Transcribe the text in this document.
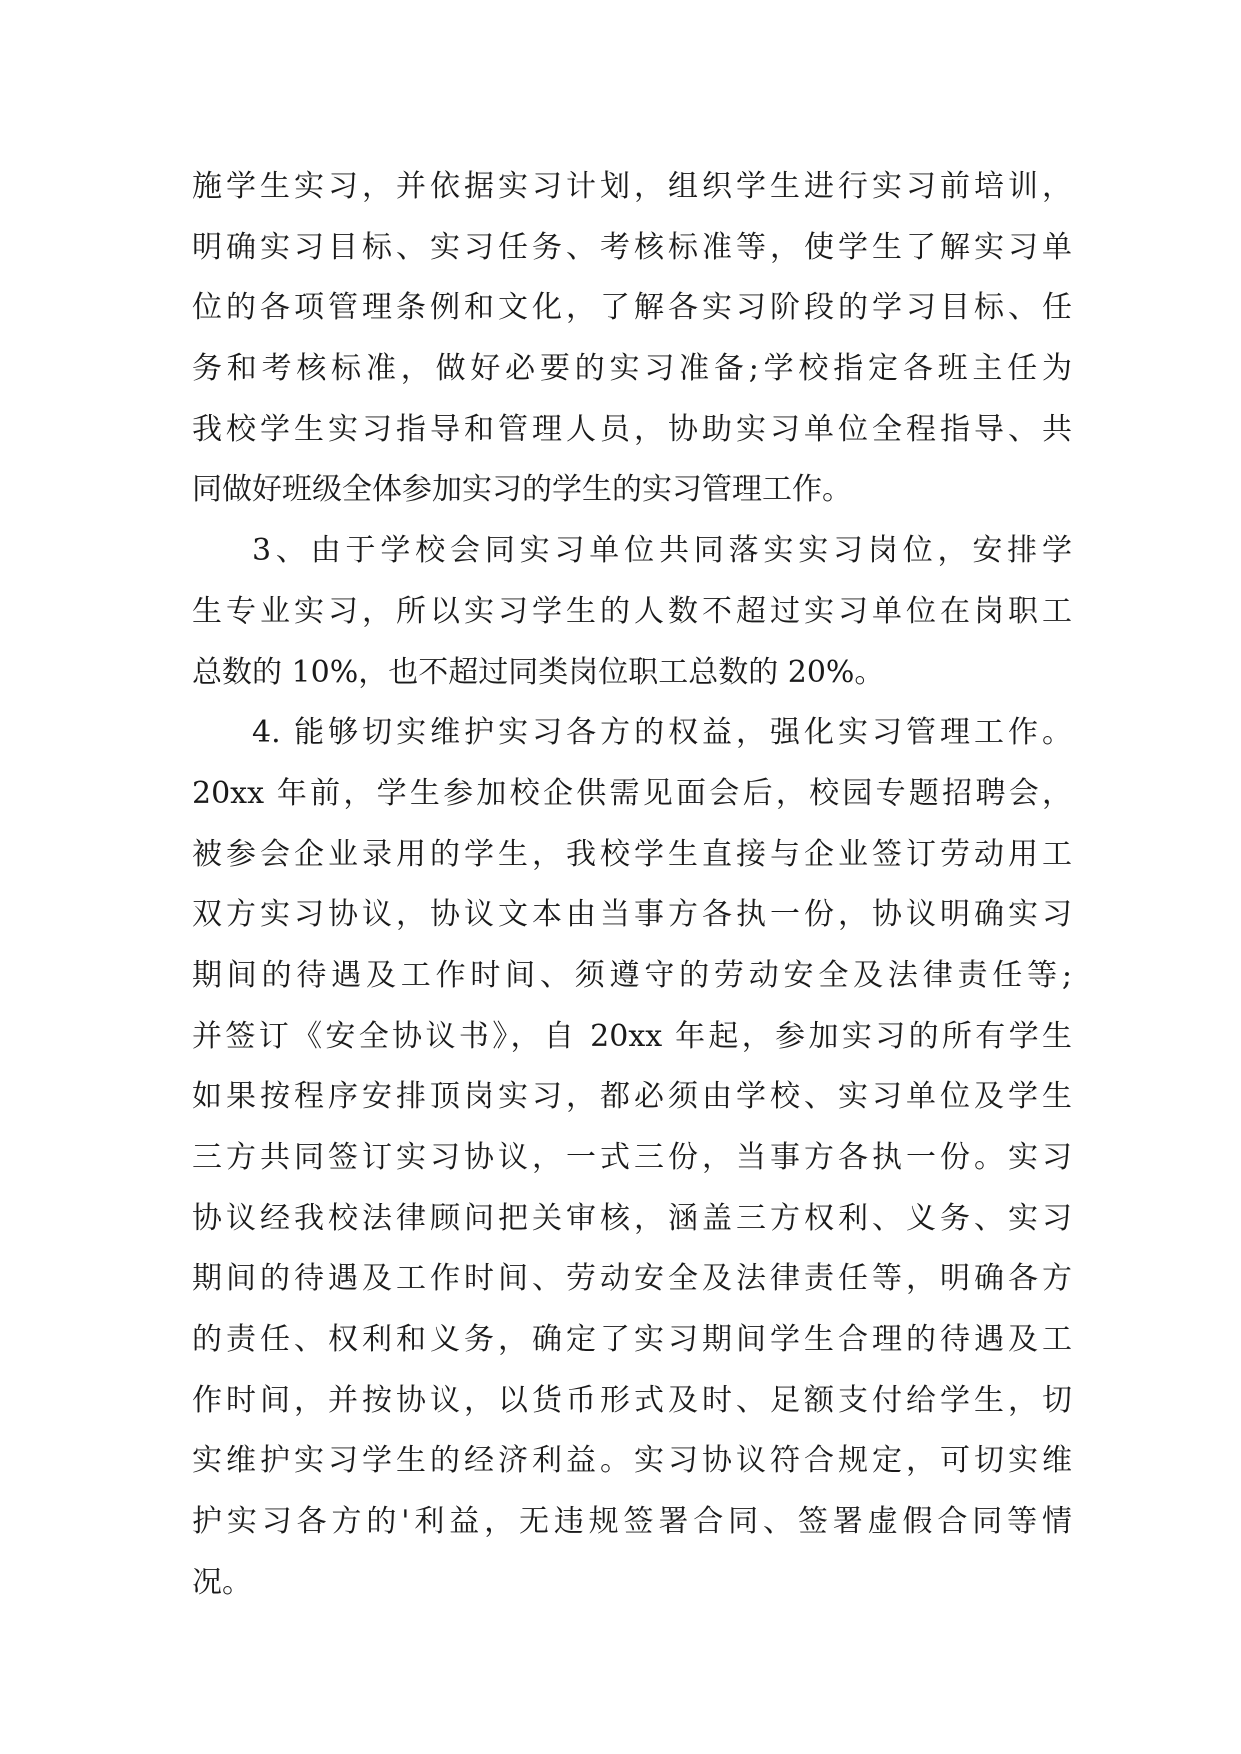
施学生实习，并依据实习计划，组织学生进行实习前培训，
明确实习目标、实习任务、考核标准等，使学生了解实习单
位的各项管理条例和文化，了解各实习阶段的学习目标、任
务和考核标准，做好必要的实习准备;学校指定各班主任为
我校学生实习指导和管理人员，协助实习单位全程指导、共
同做好班级全体参加实习的学生的实习管理工作。
3、由于学校会同实习单位共同落实实习岗位，安排学
生专业实习，所以实习学生的人数不超过实习单位在岗职工
总数的 10%，也不超过同类岗位职工总数的 20%。
4. 能够切实维护实习各方的权益，强化实习管理工作。
20xx 年前，学生参加校企供需见面会后，校园专题招聘会，
被参会企业录用的学生，我校学生直接与企业签订劳动用工
双方实习协议，协议文本由当事方各执一份，协议明确实习
期间的待遇及工作时间、须遵守的劳动安全及法律责任等;
并签订《安全协议书》，自 20xx 年起，参加实习的所有学生
如果按程序安排顶岗实习，都必须由学校、实习单位及学生
三方共同签订实习协议，一式三份，当事方各执一份。实习
协议经我校法律顾问把关审核，涵盖三方权利、义务、实习
期间的待遇及工作时间、劳动安全及法律责任等，明确各方
的责任、权利和义务，确定了实习期间学生合理的待遇及工
作时间，并按协议，以货币形式及时、足额支付给学生，切
实维护实习学生的经济利益。实习协议符合规定，可切实维
护实习各方的'利益，无违规签署合同、签署虚假合同等情
况。
